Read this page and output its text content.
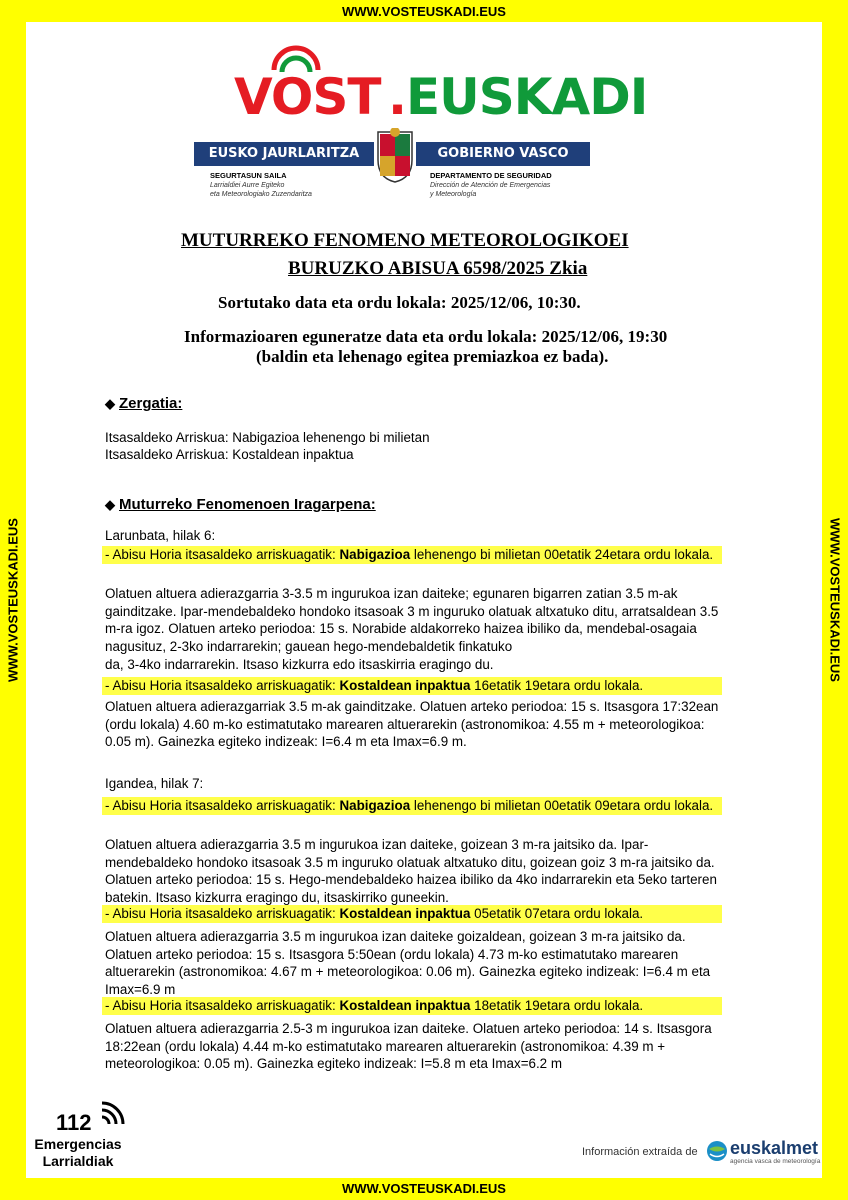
WWW.VOSTEUSKADI.EUS
WWW.VOSTEUSKADI.EUS	WWW.VOSTEUSKADI.EUS
WWW.VOSTEUSKADI.EUS
VOST . EUSKADI
EUSKO JAURLARITZA	GOBIERNO VASCO
SEGURTASUN SAILA
Larrialdiei Aurre Egiteko
eta Meteorologiako Zuzendaritza
DEPARTAMENTO DE SEGURIDAD
Dirección de Atención de Emergencias
y Meteorología
MUTURREKO FENOMENO METEOROLOGIKOEI
BURUZKO ABISUA 6598/2025 Zkia
Sortutako data eta ordu lokala: 2025/12/06, 10:30.
Informazioaren eguneratze data eta ordu lokala: 2025/12/06, 19:30
(baldin eta lehenago egitea premiazkoa ez bada).
◆ Zergatia:
Itsasaldeko Arriskua: Nabigazioa lehenengo bi milietan
Itsasaldeko Arriskua: Kostaldean inpaktua
◆ Muturreko Fenomenoen Iragarpena:
Larunbata, hilak 6:
- Abisu Horia itsasaldeko arriskuagatik: Nabigazioa lehenengo bi milietan 00etatik 24etara ordu lokala.
Olatuen altuera adierazgarria 3-3.5 m ingurukoa izan daiteke; egunaren bigarren zatian 3.5 m-ak gainditzake. Ipar-mendebaldeko hondoko itsasoak 3 m inguruko olatuak altxatuko ditu, arratsaldean 3.5 m-ra igoz. Olatuen arteko periodoa: 15 s. Norabide aldakorreko haizea ibiliko da, mendebal-osagaia nagusituz, 2-3ko indarrarekin; gauean hego-mendebaldetik finkatuko
da, 3-4ko indarrarekin. Itsaso kizkurra edo itsaskirria eragingo du.
- Abisu Horia itsasaldeko arriskuagatik: Kostaldean inpaktua 16etatik 19etara ordu lokala.
Olatuen altuera adierazgarriak 3.5 m-ak gainditzake. Olatuen arteko periodoa: 15 s. Itsasgora 17:32ean (ordu lokala) 4.60 m-ko estimatutako marearen altuerarekin (astronomikoa: 4.55 m + meteorologikoa: 0.05 m). Gainezka egiteko indizeak: I=6.4 m eta Imax=6.9 m.
Igandea, hilak 7:
- Abisu Horia itsasaldeko arriskuagatik: Nabigazioa lehenengo bi milietan 00etatik 09etara ordu lokala.
Olatuen altuera adierazgarria 3.5 m ingurukoa izan daiteke, goizean 3 m-ra jaitsiko da. Ipar-mendebaldeko hondoko itsasoak 3.5 m inguruko olatuak altxatuko ditu, goizean goiz 3 m-ra jaitsiko da. Olatuen arteko periodoa: 15 s. Hego-mendebaldeko haizea ibiliko da 4ko indarrarekin eta 5eko tarteren batekin. Itsaso kizkurra eragingo du, itsaskirriko guneekin.
- Abisu Horia itsasaldeko arriskuagatik: Kostaldean inpaktua 05etatik 07etara ordu lokala.
Olatuen altuera adierazgarria 3.5 m ingurukoa izan daiteke goizaldean, goizean 3 m-ra jaitsiko da. Olatuen arteko periodoa: 15 s. Itsasgora 5:50ean (ordu lokala) 4.73 m-ko estimatutako marearen altuerarekin (astronomikoa: 4.67 m + meteorologikoa: 0.06 m). Gainezka egiteko indizeak: I=6.4 m eta Imax=6.9 m
- Abisu Horia itsasaldeko arriskuagatik: Kostaldean inpaktua 18etatik 19etara ordu lokala.
Olatuen altuera adierazgarria 2.5-3 m ingurukoa izan daiteke. Olatuen arteko periodoa: 14 s. Itsasgora 18:22ean (ordu lokala) 4.44 m-ko estimatutako marearen altuerarekin (astronomikoa: 4.39 m + meteorologikoa: 0.05 m). Gainezka egiteko indizeak: I=5.8 m eta Imax=6.2 m
112
Emergencias
Larrialdiak
Información extraída de euskalmet
agencia vasca de meteorología
